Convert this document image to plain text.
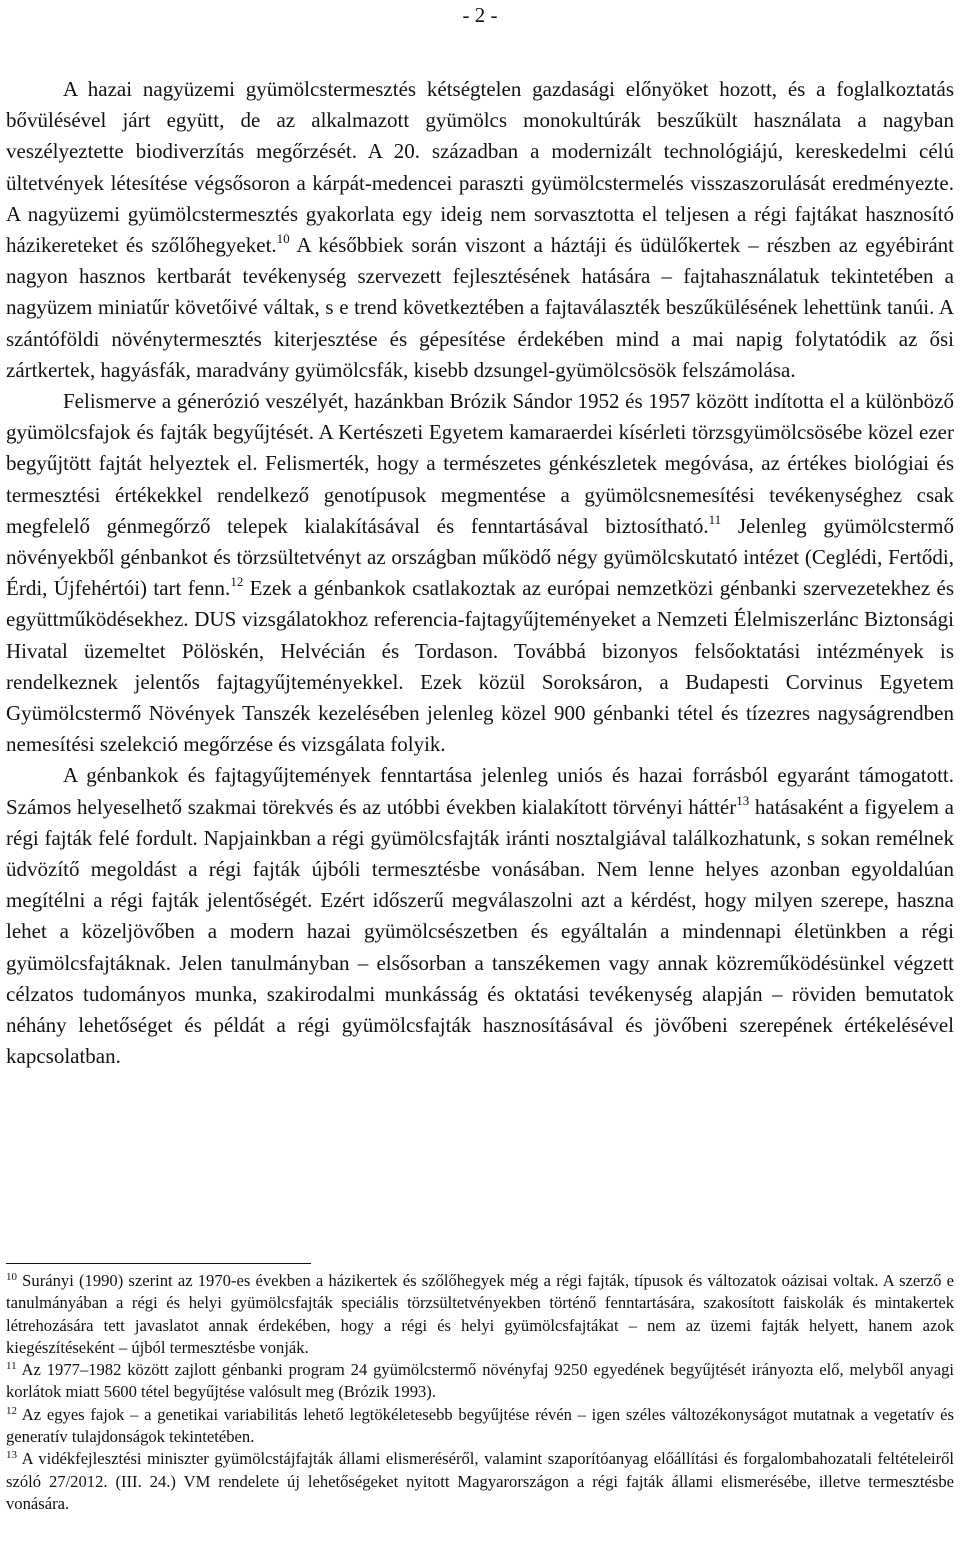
- 2 -

A hazai nagyüzemi gyümölcstermesztés kétségtelen gazdasági előnyöket hozott, és a foglalkoztatás bővülésével járt együtt, de az alkalmazott gyümölcs monokultúrák beszűkült használata a nagyban veszélyeztette biodiverzítás megőrzését. A 20. században a modernizált technológiájú, kereskedelmi célú ültetvények létesítése végsősoron a kárpát-medencei paraszti gyümölcstermelés visszaszorulását eredményezte. A nagyüzemi gyümölcstermesztés gyakorlata egy ideig nem sorvasztotta el teljesen a régi fajtákat hasznosító házikereteket és szőlőhegyeket.$^{10}$ A későbbiek során viszont a háztáji és üdülőkertek – részben az egyébiránt nagyon hasznos kertbarát tevékenység szervezett fejlesztésének hatására – fajtahasználatuk tekintetében a nagyüzem miniatűr követőivé váltak, s e trend következtében a fajtaválaszték beszűkülésének lehettünk tanúi. A szántóföldi növénytermesztés kiterjesztése és gépesítése érdekében mind a mai napig folytatódik az ősi zártkertek, hagyásfák, maradvány gyümölcsfák, kisebb dzsungel-gyümölcsösök felszámolása.

Felismerve a génerózió veszélyét, hazánkban Brózik Sándor 1952 és 1957 között indította el a különböző gyümölcsfajok és fajták begyűjtését. A Kertészeti Egyetem kamaraerdei kísérleti törzsgyümölcsösébe közel ezer begyűjtött fajtát helyeztek el. Felismerték, hogy a természetes génkészletek megóvása, az értékes biológiai és termesztési értékekkel rendelkező genotípusok megmentése a gyümölcsnemesítési tevékenységhez csak megfelelő génmegőrző telepek kialakításával és fenntartásával biztosítható.$^{11}$ Jelenleg gyümölcstermő növényekből génbankot és törzsültetvényt az országban működő négy gyümölcskutató intézet (Ceglédi, Fertődi, Érdi, Újfehértói) tart fenn.$^{12}$ Ezek a génbankok csatlakoztak az európai nemzetközi génbanki szervezetekhez és együttműködésekhez. DUS vizsgálatokhoz referencia-fajtagyűjteményeket a Nemzeti Élelmiszerlánc Biztonsági Hivatal üzemeltet Pölöskén, Helvécián és Tordason. Továbbá bizonyos felsőoktatási intézmények is rendelkeznek jelentős fajtagyűjteményekkel. Ezek közül Soroksáron, a Budapesti Corvinus Egyetem Gyümölcstermő Növények Tanszék kezelésében jelenleg közel 900 génbanki tétel és tízezres nagyságrendben nemesítési szelekció megőrzése és vizsgálata folyik.

A génbankok és fajtagyűjtemények fenntartása jelenleg uniós és hazai forrásból egyaránt támogatott. Számos helyeselhető szakmai törekvés és az utóbbi években kialakított törvényi háttér$^{13}$ hatásaként a figyelem a régi fajták felé fordult. Napjainkban a régi gyümölcsfajták iránti nosztalgiával találkozhatunk, s sokan remélnek üdvözítő megoldást a régi fajták újbóli termesztésbe vonásában. Nem lenne helyes azonban egyoldalúan megítélni a régi fajták jelentőségét. Ezért időszerű megválaszolni azt a kérdést, hogy milyen szerepe, haszna lehet a közeljövőben a modern hazai gyümölcsészetben és egyáltalán a mindennapi életünkben a régi gyümölcsfajtáknak. Jelen tanulmányban – elsősorban a tanszékemen vagy annak közreműködésünkel végzett célzatos tudományos munka, szakirodalmi munkásság és oktatási tevékenység alapján – röviden bemutatok néhány lehetőséget és példát a régi gyümölcsfajták hasznosításával és jövőbeni szerepének értékelésével kapcsolatban.

$^{10}$ Surányi (1990) szerint az 1970-es években a házikertek és szőlőhegyek még a régi fajták, típusok és változatok oázisai voltak. A szerző e tanulmányában a régi és helyi gyümölcsfajták speciális törzsültetvényekben történő fenntartására, szakosított faiskolák és mintakertek létrehozására tett javaslatot annak érdekében, hogy a régi és helyi gyümölcsfajtákat – nem az üzemi fajták helyett, hanem azok kiegészítéseként – újból termesztésbe vonják.

$^{11}$ Az 1977–1982 között zajlott génbanki program 24 gyümölcstermő növényfaj 9250 egyedének begyűjtését irányozta elő, melyből anyagi korlátok miatt 5600 tétel begyűjtése valósult meg (Brózik 1993).

$^{12}$ Az egyes fajok – a genetikai variabilitás lehető legtökéletesebb begyűjtése révén – igen széles változékonyságot mutatnak a vegetatív és generatív tulajdonságok tekintetében.

$^{13}$ A vidékfejlesztési miniszter gyümölcstájfajták állami elismeréséről, valamint szaporítóanyag előállítási és forgalombahozatali feltételeiről szóló 27/2012. (III. 24.) VM rendelete új lehetőségeket nyitott Magyarországon a régi fajták állami elismerésébe, illetve termesztésbe vonására.
